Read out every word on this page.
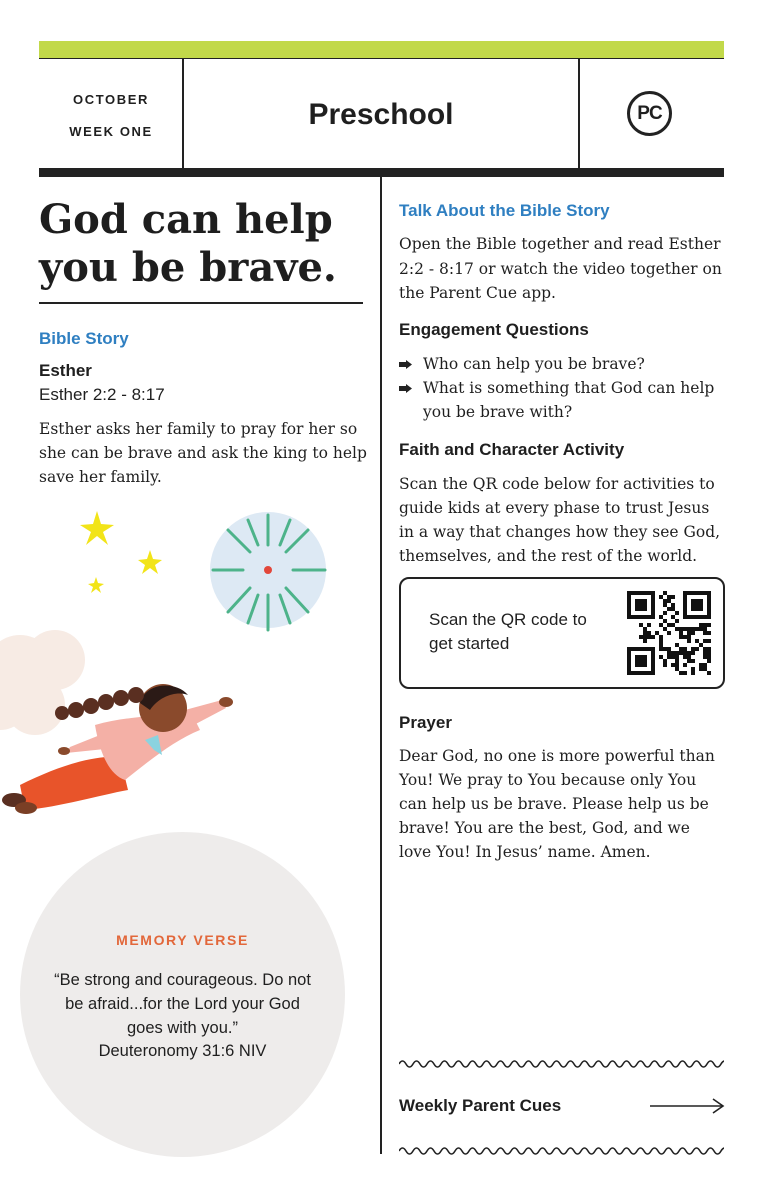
OCTOBER
WEEK ONE
Preschool	PC
God can help you be brave.
Bible Story
Esther
Esther 2:2 - 8:17
Esther asks her family to pray for her so she can be brave and ask the king to help save her family.
MEMORY VERSE
“Be strong and courageous. Do not be afraid...for the Lord your God goes with you.”
Deuteronomy 31:6 NIV
Talk About the Bible Story
Open the Bible together and read Esther 2:2 - 8:17 or watch the video together on the Parent Cue app.
Engagement Questions
Who can help you be brave?
What is something that God can help you be brave with?
Faith and Character Activity
Scan the QR code below for activities to guide kids at every phase to trust Jesus in a way that changes how they see God, themselves, and the rest of the world.
Scan the QR code to get started
Prayer
Dear God, no one is more powerful than You! We pray to You because only You can help us be brave. Please help us be brave! You are the best, God, and we love You! In Jesus’ name. Amen.
Weekly Parent Cues
